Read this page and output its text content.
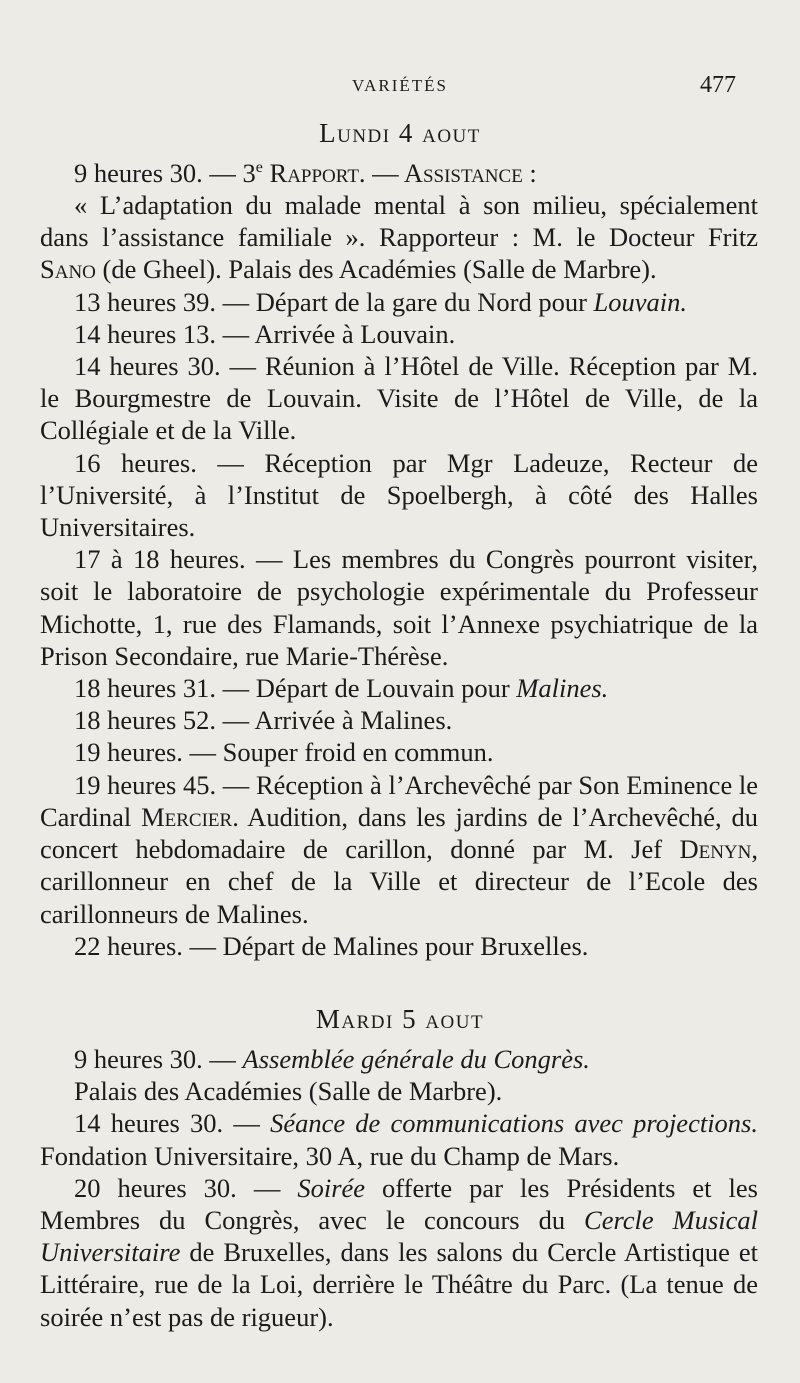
VARIÉTÉS	477
Lundi 4 aout

9 heures 30. — 3e Rapport. — Assistance :

« L’adaptation du malade mental à son milieu, spécialement dans l’assistance familiale ». Rapporteur : M. le Docteur Fritz Sano (de Gheel). Palais des Académies (Salle de Marbre).

13 heures 39. — Départ de la gare du Nord pour Louvain.

14 heures 13. — Arrivée à Louvain.

14 heures 30. — Réunion à l’Hôtel de Ville. Réception par M. le Bourgmestre de Louvain. Visite de l’Hôtel de Ville, de la Collégiale et de la Ville.

16 heures. — Réception par Mgr Ladeuze, Recteur de l’Université, à l’Institut de Spoelbergh, à côté des Halles Universitaires.

17 à 18 heures. — Les membres du Congrès pourront visiter, soit le laboratoire de psychologie expérimentale du Professeur Michotte, 1, rue des Flamands, soit l’Annexe psychiatrique de la Prison Secondaire, rue Marie-Thérèse.

18 heures 31. — Départ de Louvain pour Malines.

18 heures 52. — Arrivée à Malines.

19 heures. — Souper froid en commun.

19 heures 45. — Réception à l’Archevêché par Son Eminence le Cardinal Mercier. Audition, dans les jardins de l’Archevêché, du concert hebdomadaire de carillon, donné par M. Jef Denyn, carillonneur en chef de la Ville et directeur de l’Ecole des carillonneurs de Malines.

22 heures. — Départ de Malines pour Bruxelles.

Mardi 5 aout

9 heures 30. — Assemblée générale du Congrès.

Palais des Académies (Salle de Marbre).

14 heures 30. — Séance de communications avec projections. Fondation Universitaire, 30 A, rue du Champ de Mars.

20 heures 30. — Soirée offerte par les Présidents et les Membres du Congrès, avec le concours du Cercle Musical Universitaire de Bruxelles, dans les salons du Cercle Artistique et Littéraire, rue de la Loi, derrière le Théâtre du Parc. (La tenue de soirée n’est pas de rigueur).
